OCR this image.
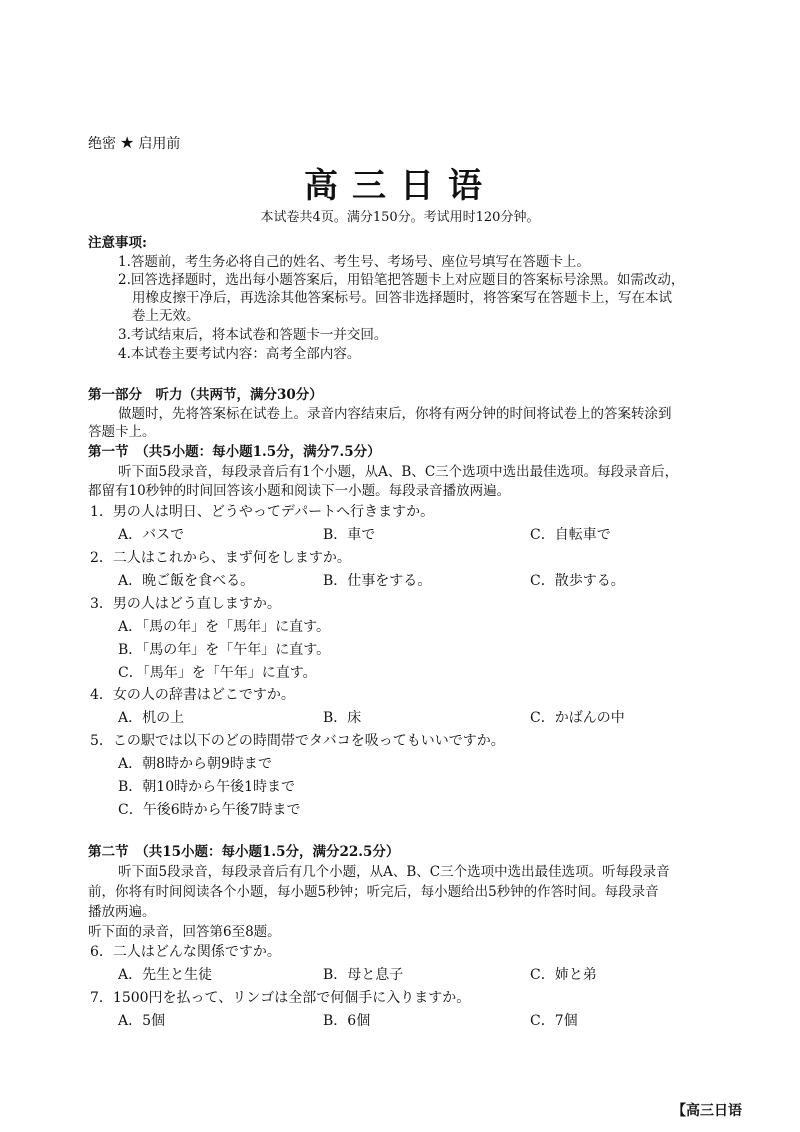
绝密 ★ 启用前
高三日语
本试卷共4页。满分150分。考试用时120分钟。
注意事项:
1.答题前，考生务必将自己的姓名、考生号、考场号、座位号填写在答题卡上。
2.回答选择题时，选出每小题答案后，用铅笔把答题卡上对应题目的答案标号涂黑。如需改动，
用橡皮擦干净后，再选涂其他答案标号。回答非选择题时，将答案写在答题卡上，写在本试
卷上无效。
3.考试结束后，将本试卷和答题卡一并交回。
4.本试卷主要考试内容：高考全部内容。
第一部分　听力（共两节，满分30分）
做题时，先将答案标在试卷上。录音内容结束后，你将有两分钟的时间将试卷上的答案转涂到
答题卡上。
第一节　（共5小题：每小题1.5分，满分7.5分）
听下面5段录音，每段录音后有1个小题，从A、B、C三个选项中选出最佳选项。每段录音后，
都留有10秒钟的时间回答该小题和阅读下一小题。每段录音播放两遍。
1．男の人は明日、どうやってデパートへ行きますか。
A．バスで	B．車で	C．自転車で
2．二人はこれから、まず何をしますか。
A．晩ご飯を食べる。	B．仕事をする。	C．散歩する。
3．男の人はどう直しますか。
A．「馬の年」を「馬年」に直す。
B．「馬の年」を「午年」に直す。
C．「馬年」を「午年」に直す。
4．女の人の辞書はどこですか。
A．机の上	B．床	C．かばんの中
5．この駅では以下のどの時間帯でタバコを吸ってもいいですか。
A．朝8時から朝9時まで
B．朝10時から午後1時まで
C．午後6時から午後7時まで
第二节　（共15小题：每小题1.5分，满分22.5分）
听下面5段录音，每段录音后有几个小题，从A、B、C三个选项中选出最佳选项。听每段录音
前，你将有时间阅读各个小题，每小题5秒钟；听完后，每小题给出5秒钟的作答时间。每段录音
播放两遍。
听下面的录音，回答第6至8题。
6．二人はどんな関係ですか。
A．先生と生徒	B．母と息子	C．姉と弟
7．1500円を払って、リンゴは全部で何個手に入りますか。
A．5個	B．6個	C．7個
【高三日语
